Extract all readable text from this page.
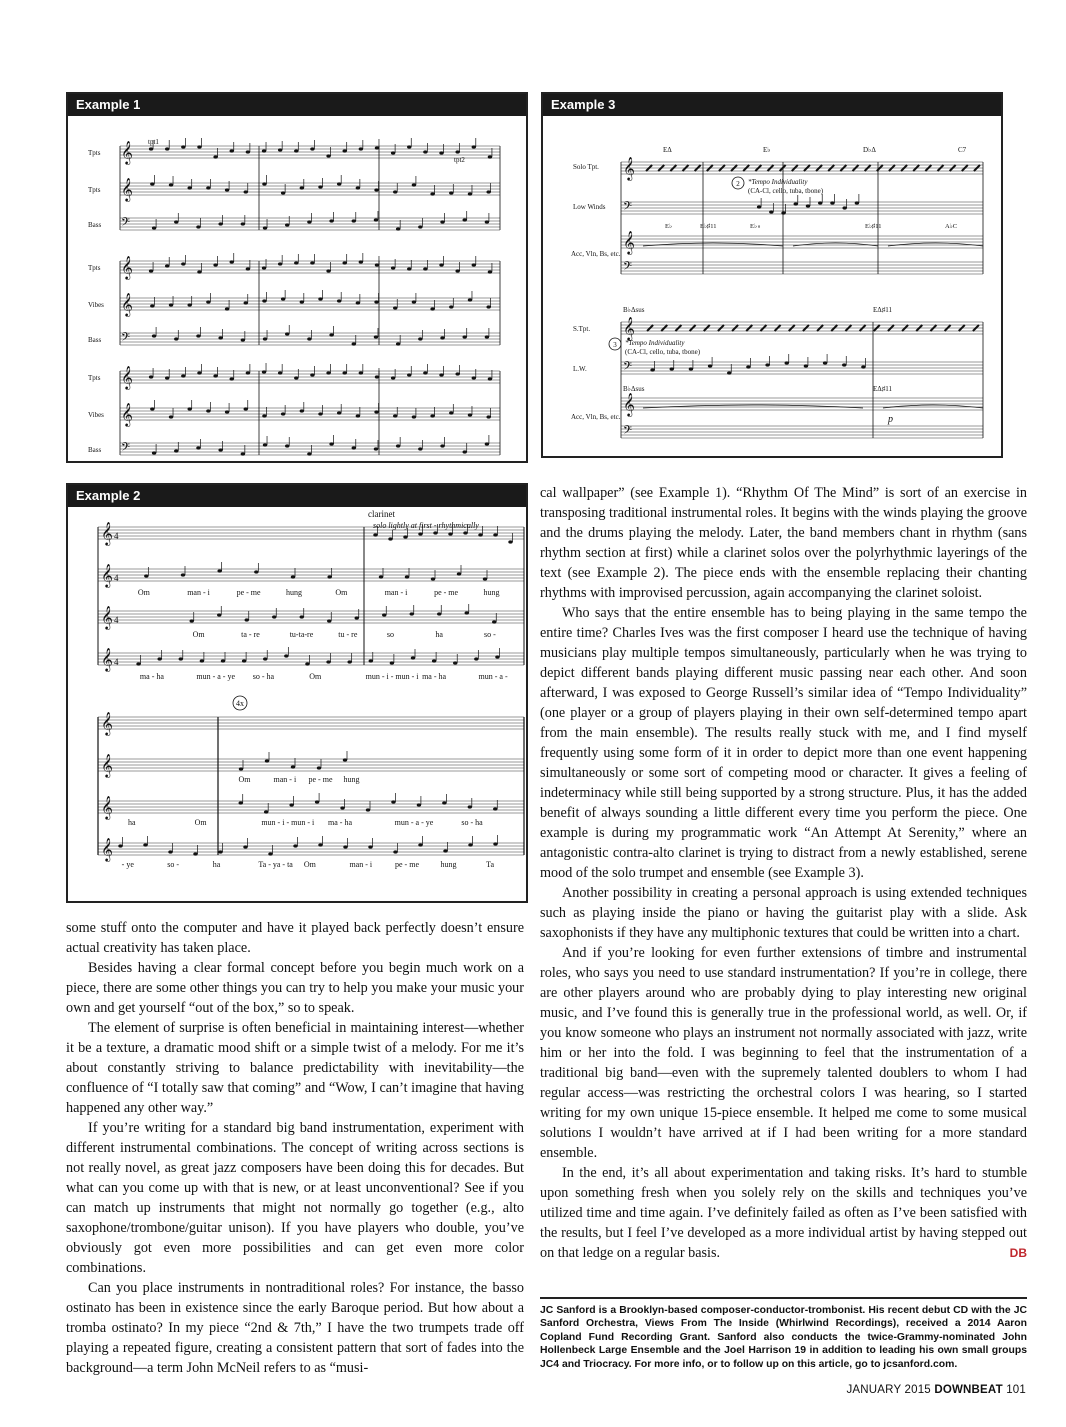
Example 1
Tpts 𝄞
Tpts 𝄞
Bass 𝄢
Tpts 𝄞
Vibes 𝄞
Bass 𝄢
Tpts 𝄞
Vibes 𝄞
Bass 𝄢
tpt1
tpt2
Example 3
EΔ	E♭	D♭Δ	C7
Solo Tpt. 𝄞
Low Winds 𝄢
2 *Tempo Individuality
(CA-Cl, cello, tuba, tbone)
E♭	E♭♯11	E♭∘	E♭♯11	A♭C
Acc, Vln, Bs, etc. 𝄞
𝄢
B♭Δsus	EΔ♯11
S.Tpt. 𝄞
3 *Tempo Individuality
(CA-Cl, cello, tuba, tbone)
L.W.	𝄢
B♭Δsus	EΔ♯11
Acc, Vln, Bs, etc.
𝄞
𝄢
p
Example 2
𝄞 4
𝄞 4
𝄞 4
𝄞 4
clarinet
solo lightly at first - rhythmically
Om	man - i	pe - me	hung	Om	man - i	pe - me	hung
Om	ta - re	tu-ta-re	tu - re	so	ha	so -
ma - ha	mun - a - ye so - ha	Om	mun - i - mun - i ma - ha	mun - a -
𝄞
𝄞
𝄞
𝄞
4x
Om	man - i pe - me hung
ha	Om	mun - i - mun - i ma - ha	mun - a - ye	so - ha
- ye	so -	ha	Ta - ya - ta Om	man - i	pe - me	hung	Ta

some stuff onto the computer and have it played back perfectly doesn’t ensure actual creativity has taken place.

Besides having a clear formal concept before you begin much work on a piece, there are some other things you can try to help you make your music your own and get yourself “out of the box,” so to speak.

The element of surprise is often beneficial in maintaining interest—whether it be a texture, a dramatic mood shift or a simple twist of a melody. For me it’s about constantly striving to balance predictability with inevitability—the confluence of “I totally saw that coming” and “Wow, I can’t imagine that having happened any other way.”

If you’re writing for a standard big band instrumentation, experiment with different instrumental combinations. The concept of writing across sections is not really novel, as great jazz composers have been doing this for decades. But what can you come up with that is new, or at least unconventional? See if you can match up instruments that might not normally go together (e.g., alto saxophone/trombone/guitar unison). If you have players who double, you’ve obviously got even more possibilities and can get even more color combinations.

Can you place instruments in nontraditional roles? For instance, the basso ostinato has been in existence since the early Baroque period. But how about a tromba ostinato? In my piece “2nd & 7th,” I have the two trumpets trade off playing a repeated figure, creating a consistent pattern that sort of fades into the background—a term John McNeil refers to as “musi-

cal wallpaper” (see Example 1). “Rhythm Of The Mind” is sort of an exercise in transposing traditional instrumental roles. It begins with the winds playing the groove and the drums playing the melody. Later, the band members chant in rhythm (sans rhythm section at first) while a clarinet solos over the polyrhythmic layerings of the text (see Example 2). The piece ends with the ensemble replacing their chanting rhythms with improvised percussion, again accompanying the clarinet soloist.

Who says that the entire ensemble has to being playing in the same tempo the entire time? Charles Ives was the first composer I heard use the technique of having musicians play multiple tempos simultaneously, particularly when he was trying to depict different bands playing different music passing near each other. And soon afterward, I was exposed to George Russell’s similar idea of “Tempo Individuality” (one player or a group of players playing in their own self-determined tempo apart from the main ensemble). The results really stuck with me, and I find myself frequently using some form of it in order to depict more than one event happening simultaneously or some sort of competing mood or character. It gives a feeling of indeterminacy while still being supported by a strong structure. Plus, it has the added benefit of always sounding a little different every time you perform the piece. One example is during my programmatic work “An Attempt At Serenity,” where an antagonistic contra-alto clarinet is trying to distract from a newly established, serene mood of the solo trumpet and ensemble (see Example 3).

Another possibility in creating a personal approach is using extended techniques such as playing inside the piano or having the guitarist play with a slide. Ask saxophonists if they have any multiphonic textures that could be written into a chart.

And if you’re looking for even further extensions of timbre and instrumental roles, who says you need to use standard instrumentation? If you’re in college, there are other players around who are probably dying to play interesting new original music, and I’ve found this is generally true in the professional world, as well. Or, if you know someone who plays an instrument not normally associated with jazz, write him or her into the fold. I was beginning to feel that the instrumentation of a traditional big band—even with the supremely talented doublers to whom I had regular access—was restricting the orchestral colors I was hearing, so I started writing for my own unique 15-piece ensemble. It helped me come to some musical solutions I wouldn’t have arrived at if I had been writing for a more standard ensemble.

In the end, it’s all about experimentation and taking risks. It’s hard to stumble upon something fresh when you solely rely on the skills and techniques you’ve utilized time and time again. I’ve definitely failed as often as I’ve been satisfied with the results, but I feel I’ve developed as a more individual artist by having stepped out on that ledge on a regular basis.	DB

JC Sanford is a Brooklyn-based composer-conductor-trombonist. His recent debut CD with the JC Sanford Orchestra, Views From The Inside (Whirlwind Recordings), received a 2014 Aaron Copland Fund Recording Grant. Sanford also conducts the twice-Grammy-nominated John Hollenbeck Large Ensemble and the Joel Harrison 19 in addition to leading his own small groups JC4 and Triocracy. For more info, or to follow up on this article, go to jcsanford.com.
JANUARY 2015 DOWNBEAT 101
